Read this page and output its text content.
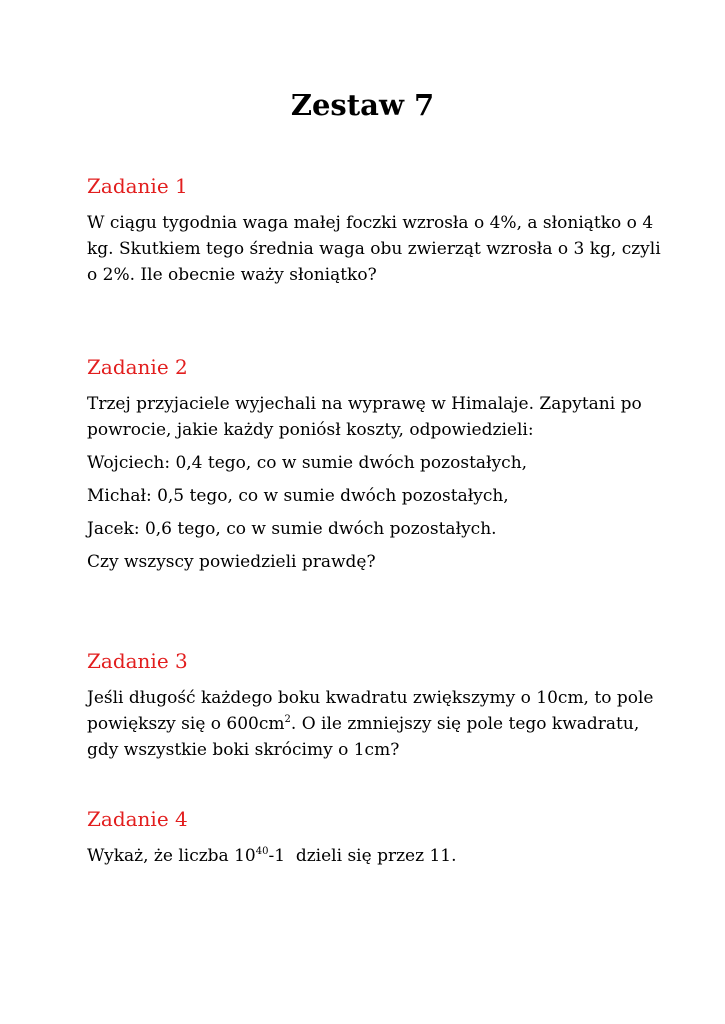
Zestaw 7
Zadanie 1

W ciągu tygodnia waga małej foczki wzrosła o 4%, a słoniątko o 4 kg. Skutkiem tego średnia waga obu zwierząt wzrosła o 3 kg, czyli o 2%. Ile obecnie waży słoniątko?

Zadanie 2

Trzej przyjaciele wyjechali na wyprawę w Himalaje. Zapytani po powrocie, jakie każdy poniósł koszty, odpowiedzieli:

Wojciech: 0,4 tego, co w sumie dwóch pozostałych,

Michał: 0,5 tego, co w sumie dwóch pozostałych,

Jacek: 0,6 tego, co w sumie dwóch pozostałych.

Czy wszyscy powiedzieli prawdę?

Zadanie 3

Jeśli długość każdego boku kwadratu zwiększymy o 10cm, to pole powiększy się o $600cm^2$. O ile zmniejszy się pole tego kwadratu, gdy wszystkie boki skrócimy o 1cm?

Zadanie 4

Wykaż, że liczba $10^{40}-1$  dzieli się przez 11.
